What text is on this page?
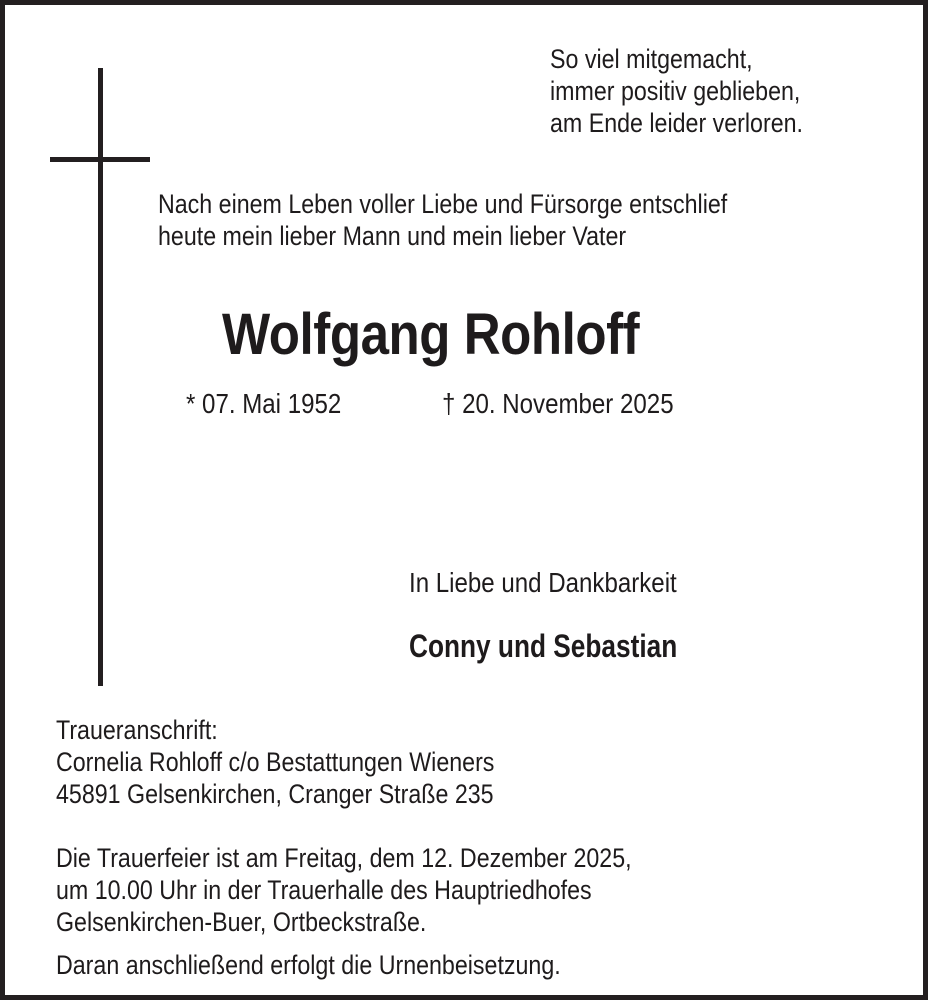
So viel mitgemacht,
immer positiv geblieben,
am Ende leider verloren.
Nach einem Leben voller Liebe und Fürsorge entschlief
heute mein lieber Mann und mein lieber Vater
Wolfgang Rohloff
* 07. Mai 1952	† 20. November 2025
In Liebe und Dankbarkeit
Conny und Sebastian
Traueranschrift:
Cornelia Rohloff c/o Bestattungen Wieners
45891 Gelsenkirchen, Cranger Straße 235
Die Trauerfeier ist am Freitag, dem 12. Dezember 2025,
um 10.00 Uhr in der Trauerhalle des Hauptriedhofes
Gelsenkirchen-Buer, Ortbeckstraße.
Daran anschließend erfolgt die Urnenbeisetzung.
